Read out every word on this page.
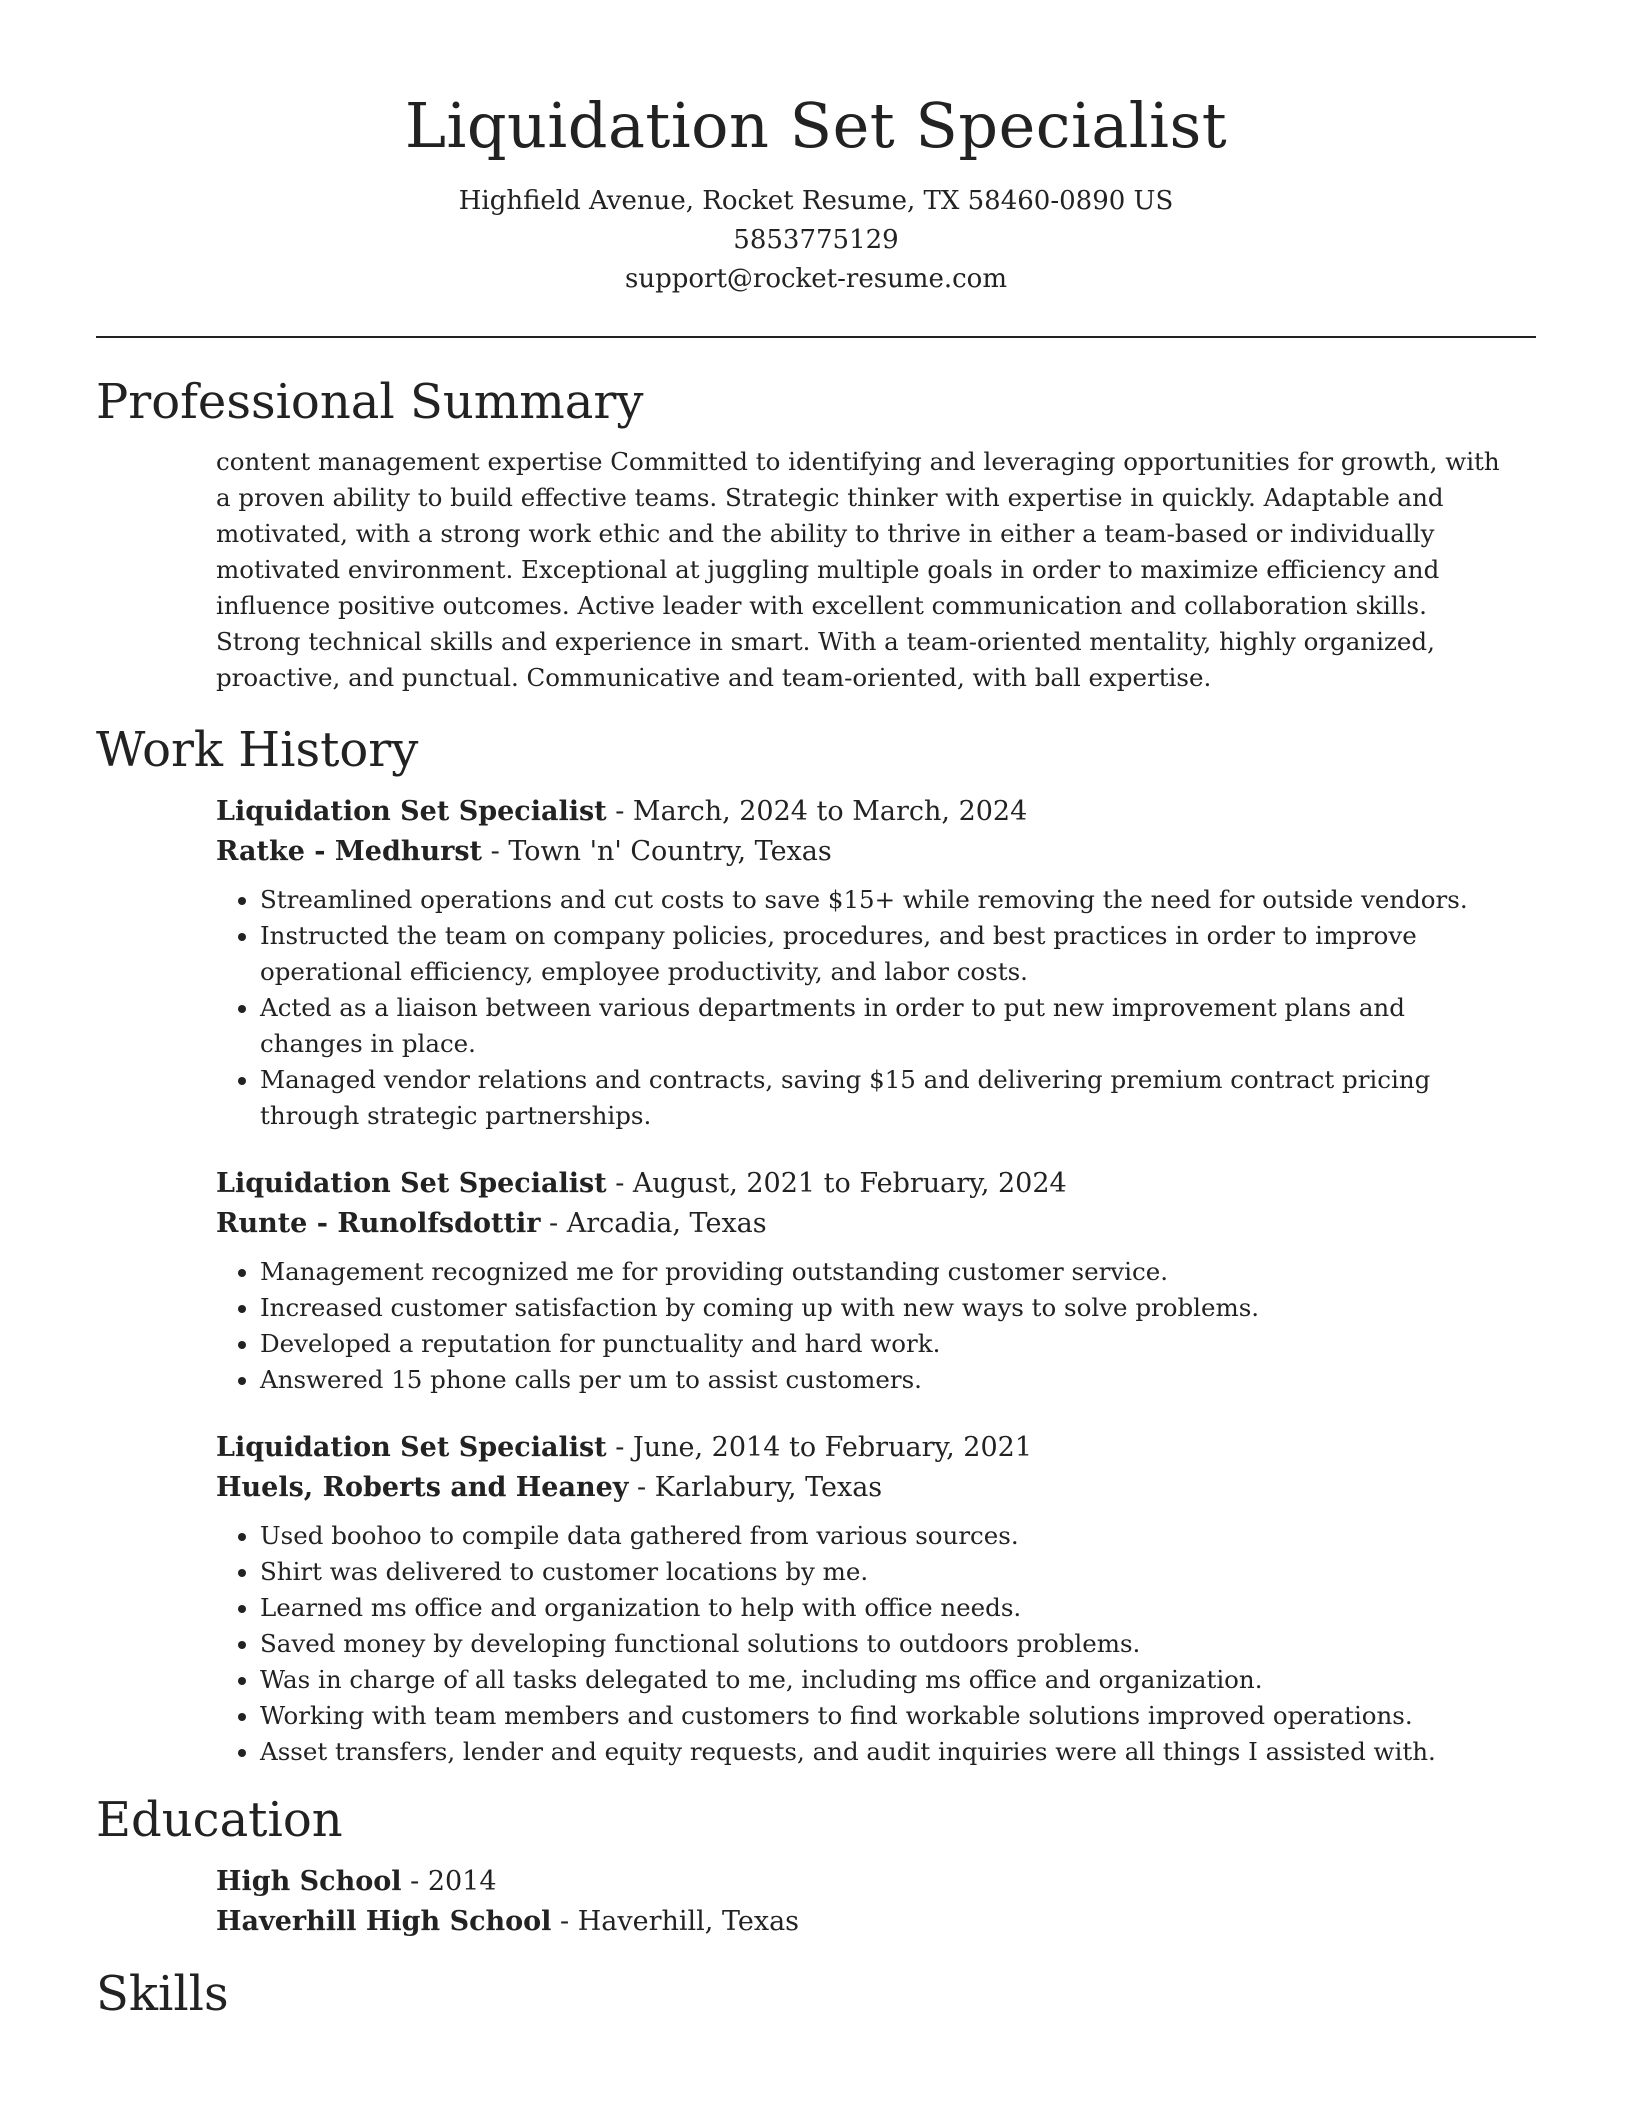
Liquidation Set Specialist

Highfield Avenue, Rocket Resume, TX 58460-0890 US

5853775129

support@rocket-resume.com

Professional Summary

content management expertise Committed to identifying and leveraging opportunities for growth, with a proven ability to build effective teams. Strategic thinker with expertise in quickly. Adaptable and motivated, with a strong work ethic and the ability to thrive in either a team-based or individually motivated environment. Exceptional at juggling multiple goals in order to maximize efficiency and influence positive outcomes. Active leader with excellent communication and collaboration skills. Strong technical skills and experience in smart. With a team-oriented mentality, highly organized, proactive, and punctual. Communicative and team-oriented, with ball expertise.

Work History

Liquidation Set Specialist - March, 2024 to March, 2024

Ratke - Medhurst - Town 'n' Country, Texas

• Streamlined operations and cut costs to save $15+ while removing the need for outside vendors.
• Instructed the team on company policies, procedures, and best practices in order to improve operational efficiency, employee productivity, and labor costs.
• Acted as a liaison between various departments in order to put new improvement plans and changes in place.
• Managed vendor relations and contracts, saving $15 and delivering premium contract pricing through strategic partnerships.

Liquidation Set Specialist - August, 2021 to February, 2024

Runte - Runolfsdottir - Arcadia, Texas

• Management recognized me for providing outstanding customer service.
• Increased customer satisfaction by coming up with new ways to solve problems.
• Developed a reputation for punctuality and hard work.
• Answered 15 phone calls per um to assist customers.

Liquidation Set Specialist - June, 2014 to February, 2021

Huels, Roberts and Heaney - Karlabury, Texas

• Used boohoo to compile data gathered from various sources.
• Shirt was delivered to customer locations by me.
• Learned ms office and organization to help with office needs.
• Saved money by developing functional solutions to outdoors problems.
• Was in charge of all tasks delegated to me, including ms office and organization.
• Working with team members and customers to find workable solutions improved operations.
• Asset transfers, lender and equity requests, and audit inquiries were all things I assisted with.
Education

High School - 2014

Haverhill High School - Haverhill, Texas

Skills
